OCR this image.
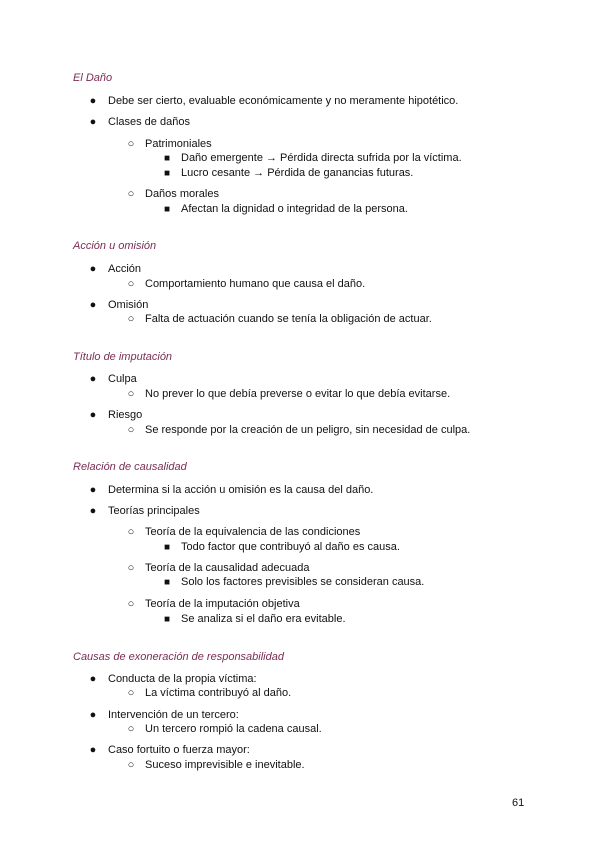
El Daño
● Debe ser cierto, evaluable económicamente y no meramente hipotético.
● Clases de daños
○ Patrimoniales
■ Daño emergente → Pérdida directa sufrida por la víctima.
■ Lucro cesante → Pérdida de ganancias futuras.
○ Daños morales
■ Afectan la dignidad o integridad de la persona.
Acción u omisión
● Acción
○ Comportamiento humano que causa el daño.
● Omisión
○ Falta de actuación cuando se tenía la obligación de actuar.
Título de imputación
● Culpa
○ No prever lo que debía preverse o evitar lo que debía evitarse.
● Riesgo
○ Se responde por la creación de un peligro, sin necesidad de culpa.
Relación de causalidad
● Determina si la acción u omisión es la causa del daño.
● Teorías principales
○ Teoría de la equivalencia de las condiciones
■ Todo factor que contribuyó al daño es causa.
○ Teoría de la causalidad adecuada
■ Solo los factores previsibles se consideran causa.
○ Teoría de la imputación objetiva
■ Se analiza si el daño era evitable.
Causas de exoneración de responsabilidad
● Conducta de la propia víctima:
○ La víctima contribuyó al daño.
● Intervención de un tercero:
○ Un tercero rompió la cadena causal.
● Caso fortuito o fuerza mayor:
○ Suceso imprevisible e inevitable.
61
